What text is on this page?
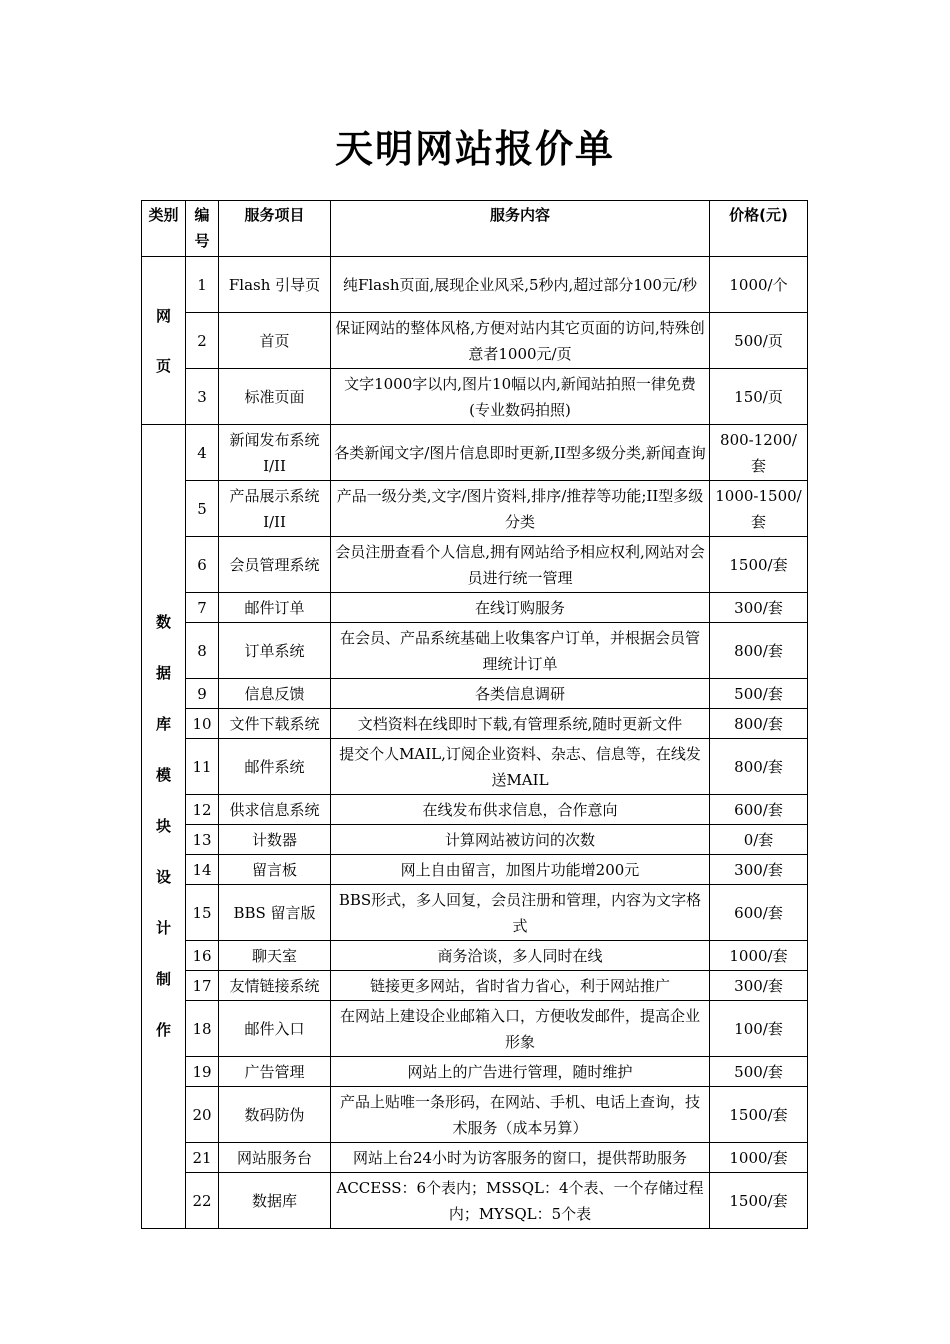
天明网站报价单
类别	编号	服务项目	服务内容	价格(元)
网页	1	Flash 引导页	纯Flash页面,展现企业风采,5秒内,超过部分100元/秒	1000/个
	2	首页	保证网站的整体风格,方便对站内其它页面的访问,特殊创意者1000元/页	500/页
	3	标准页面	文字1000字以内,图片10幅以内,新闻站拍照一律免费(专业数码拍照)	150/页
数据库模块设计制作	4	新闻发布系统 I/II	各类新闻文字/图片信息即时更新,II型多级分类,新闻查询	800-1200/套
	5	产品展示系统 I/II	产品一级分类,文字/图片资料,排序/推荐等功能;II型多级分类	1000-1500/套
	6	会员管理系统	会员注册查看个人信息,拥有网站给予相应权利,网站对会员进行统一管理	1500/套
	7	邮件订单	在线订购服务	300/套
	8	订单系统	在会员、产品系统基础上收集客户订单，并根据会员管理统计订单	800/套
	9	信息反馈	各类信息调研	500/套
	10	文件下载系统	文档资料在线即时下载,有管理系统,随时更新文件	800/套
	11	邮件系统	提交个人MAIL,订阅企业资料、杂志、信息等，在线发送MAIL	800/套
	12	供求信息系统	在线发布供求信息，合作意向	600/套
	13	计数器	计算网站被访问的次数	0/套
	14	留言板	网上自由留言，加图片功能增200元	300/套
	15	BBS 留言版	BBS形式，多人回复，会员注册和管理，内容为文字格式	600/套
	16	聊天室	商务洽谈，多人同时在线	1000/套
	17	友情链接系统	链接更多网站，省时省力省心，利于网站推广	300/套
	18	邮件入口	在网站上建设企业邮箱入口，方便收发邮件，提高企业形象	100/套
	19	广告管理	网站上的广告进行管理，随时维护	500/套
	20	数码防伪	产品上贴唯一条形码，在网站、手机、电话上查询，技术服务（成本另算）	1500/套
	21	网站服务台	网站上台24小时为访客服务的窗口，提供帮助服务	1000/套
	22	数据库	ACCESS：6个表内；MSSQL：4个表、一个存储过程内；MYSQL：5个表	1500/套
